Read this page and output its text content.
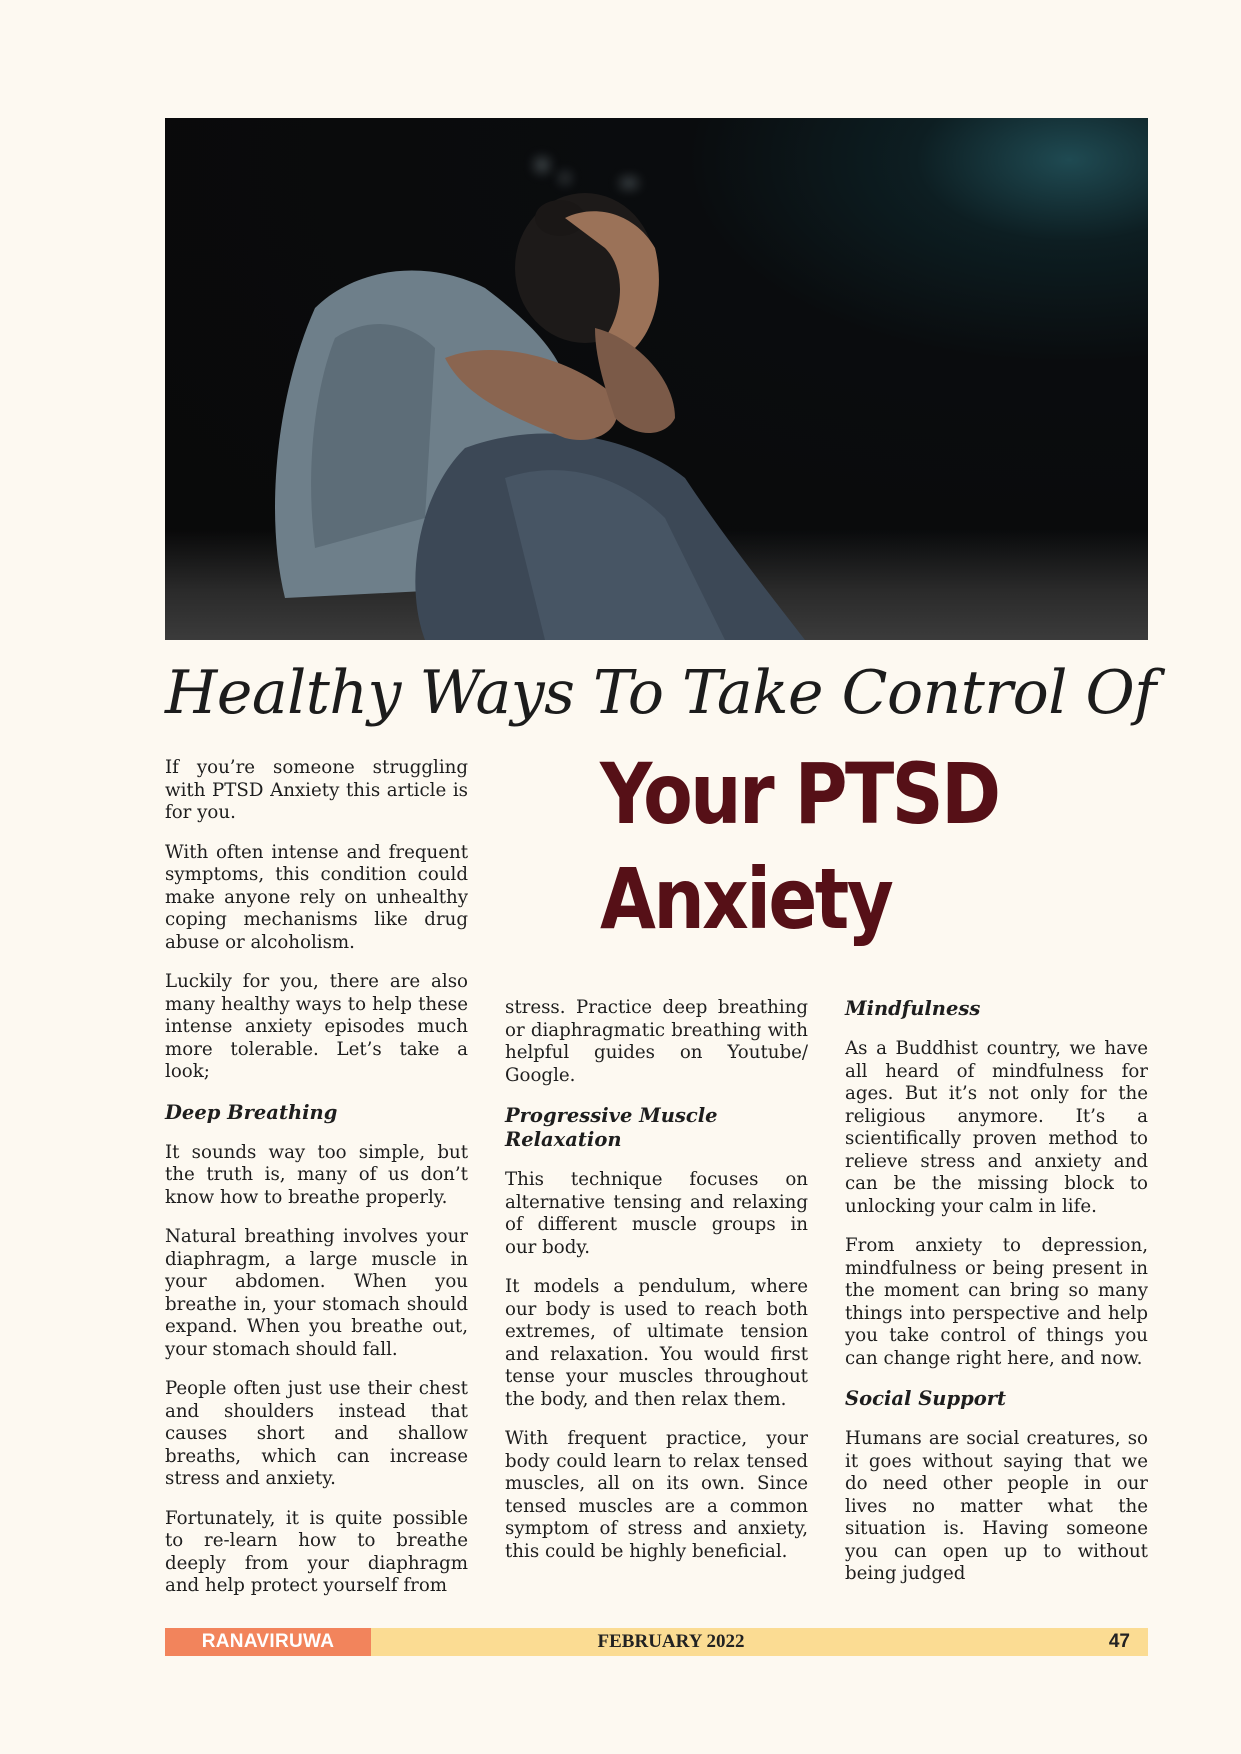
Healthy Ways To Take Control Of
Your PTSD
Anxiety

If you’re someone struggling with PTSD Anxiety this article is for you.

With often intense and frequent symptoms, this condition could make anyone rely on unhealthy coping mechanisms like drug abuse or alcoholism.

Luckily for you, there are also many healthy ways to help these intense anxiety episodes much more tolerable. Let’s take a look;

Deep Breathing

It sounds way too simple, but the truth is, many of us don’t know how to breathe properly.

Natural breathing involves your diaphragm, a large muscle in your abdomen. When you breathe in, your stomach should expand. When you breathe out, your stomach should fall.

People often just use their chest and shoulders instead that causes short and shallow breaths, which can increase stress and anxiety.

Fortunately, it is quite possible to re-learn how to breathe deeply from your diaphragm and help protect yourself from

stress. Practice deep breathing or diaphragmatic breathing with helpful guides on Youtube/ Google.

Progressive Muscle Relaxation

This technique focuses on alternative tensing and relaxing of different muscle groups in our body.

It models a pendulum, where our body is used to reach both extremes, of ultimate tension and relaxation. You would first tense your muscles throughout the body, and then relax them.

With frequent practice, your body could learn to relax tensed muscles, all on its own. Since tensed muscles are a common symptom of stress and anxiety, this could be highly beneficial.

Mindfulness

As a Buddhist country, we have all heard of mindfulness for ages. But it’s not only for the religious anymore. It’s a scientifically proven method to relieve stress and anxiety and can be the missing block to unlocking your calm in life.

From anxiety to depression, mindfulness or being present in the moment can bring so many things into perspective and help you take control of things you can change right here, and now.

Social Support

Humans are social creatures, so it goes without saying that we do need other people in our lives no matter what the situation is. Having someone you can open up to without being judged

RANAVIRUWA	FEBRUARY 2022	47
